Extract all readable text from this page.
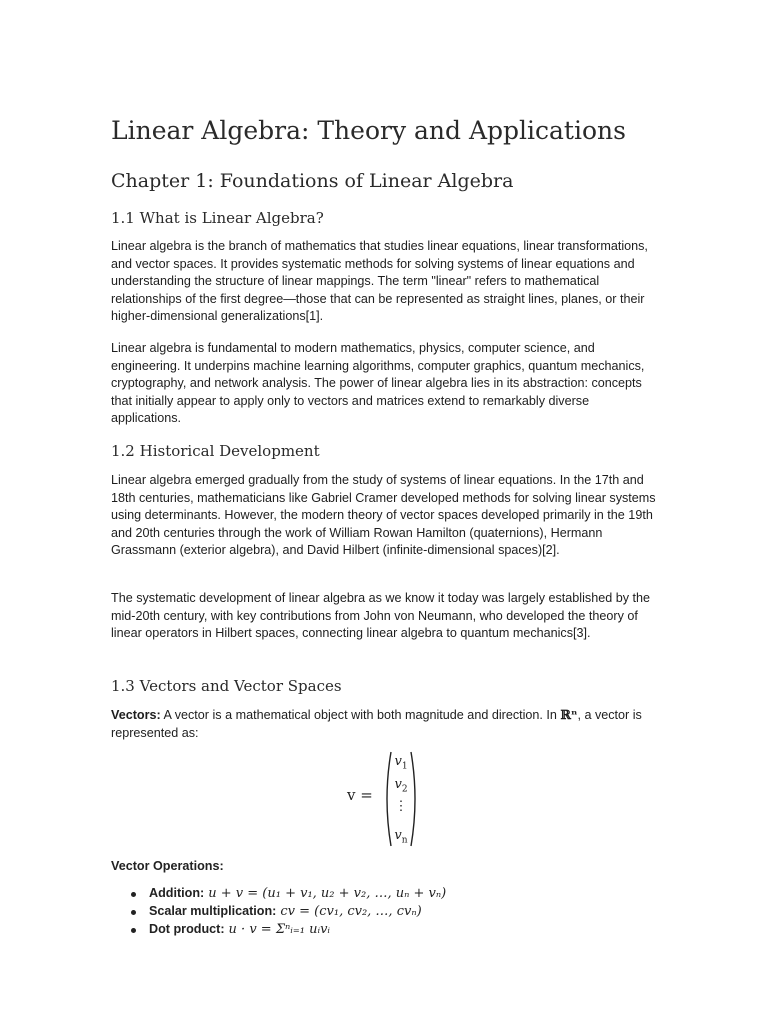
Linear Algebra: Theory and Applications
Chapter 1: Foundations of Linear Algebra
1.1 What is Linear Algebra?

Linear algebra is the branch of mathematics that studies linear equations, linear transformations, and vector spaces. It provides systematic methods for solving systems of linear equations and understanding the structure of linear mappings. The term "linear" refers to mathematical relationships of the first degree—those that can be represented as straight lines, planes, or their higher-dimensional generalizations[1].

Linear algebra is fundamental to modern mathematics, physics, computer science, and engineering. It underpins machine learning algorithms, computer graphics, quantum mechanics, cryptography, and network analysis. The power of linear algebra lies in its abstraction: concepts that initially appear to apply only to vectors and matrices extend to remarkably diverse applications.

1.2 Historical Development

Linear algebra emerged gradually from the study of systems of linear equations. In the 17th and 18th centuries, mathematicians like Gabriel Cramer developed methods for solving linear systems using determinants. However, the modern theory of vector spaces developed primarily in the 19th and 20th centuries through the work of William Rowan Hamilton (quaternions), Hermann Grassmann (exterior algebra), and David Hilbert (infinite-dimensional spaces)[2].

The systematic development of linear algebra as we know it today was largely established by the mid-20th century, with key contributions from John von Neumann, who developed the theory of linear operators in Hilbert spaces, connecting linear algebra to quantum mechanics[3].

1.3 Vectors and Vector Spaces

Vectors: A vector is a mathematical object with both magnitude and direction. In ℝⁿ, a vector is represented as:

v =
$v_1$
$v_2$
⋮
$v_n$
Vector Operations:
Addition: u + v = (u₁ + v₁, u₂ + v₂, …, uₙ + vₙ)
Scalar multiplication: cv = (cv₁, cv₂, …, cvₙ)
Dot product: u · v = Σⁿᵢ₌₁ uᵢvᵢ
